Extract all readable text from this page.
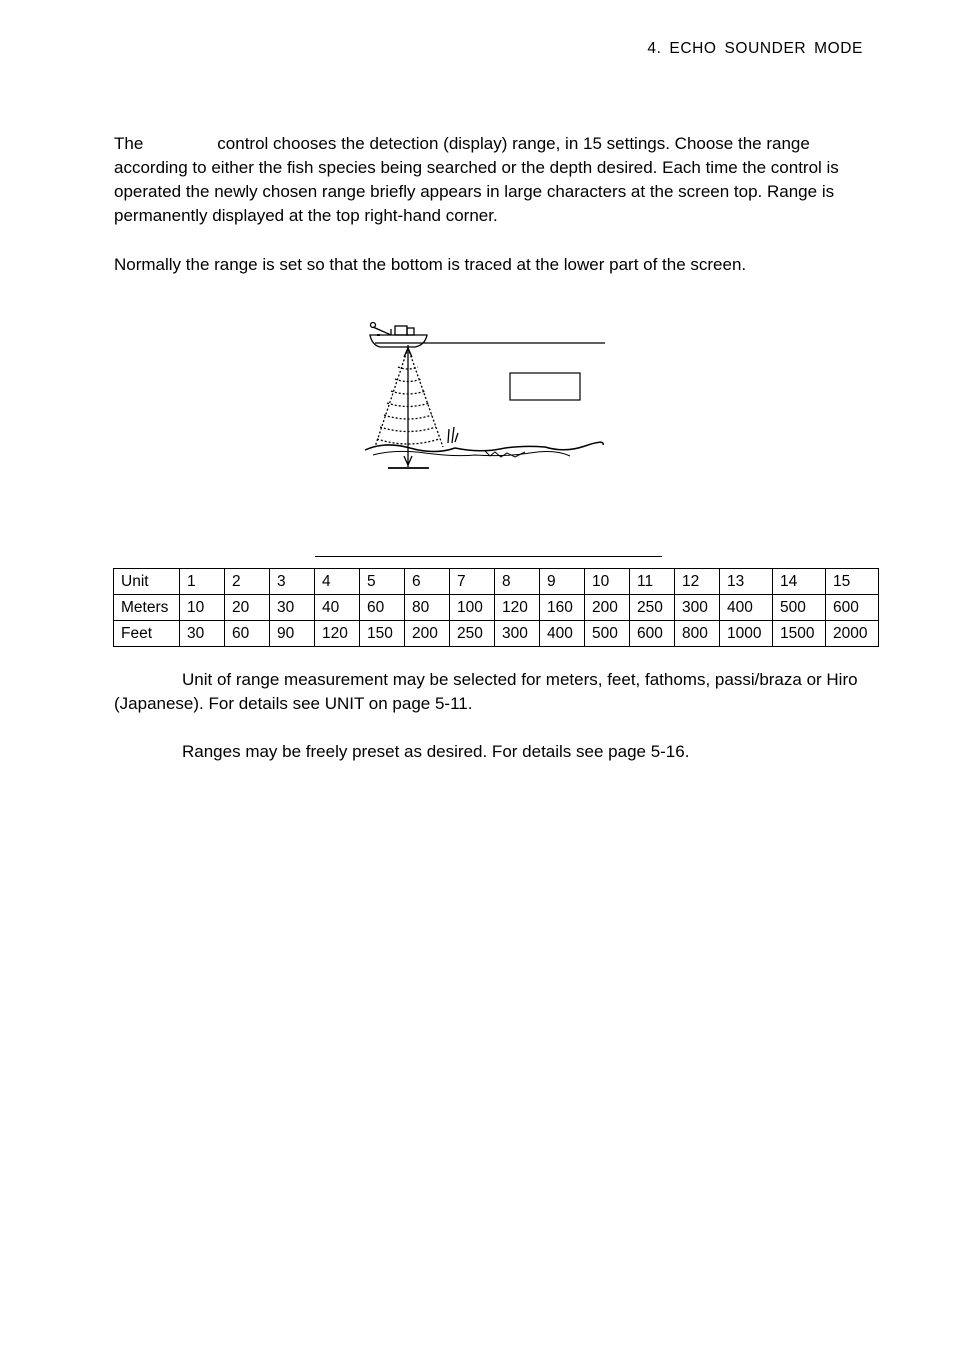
4. ECHO SOUNDER MODE

The	control chooses the detection (display) range, in 15 settings. Choose the range according to either the fish species being searched or the depth desired. Each time the control is operated the newly chosen range briefly appears in large characters at the screen top. Range is permanently displayed at the top right-hand corner.

Normally the range is set so that the bottom is traced at the lower part of the screen.

Unit	1	2	3	4	5	6	7	8	9	10	11	12	13	14	15
Meters	10	20	30	40	60	80	100	120	160	200	250	300	400	500	600
Feet	30	60	90	120	150	200	250	300	400	500	600	800	1000	1500	2000

Unit of range measurement may be selected for meters, feet, fathoms, passi/braza or Hiro (Japanese). For details see UNIT on page 5-11.

Ranges may be freely preset as desired. For details see page 5-16.
